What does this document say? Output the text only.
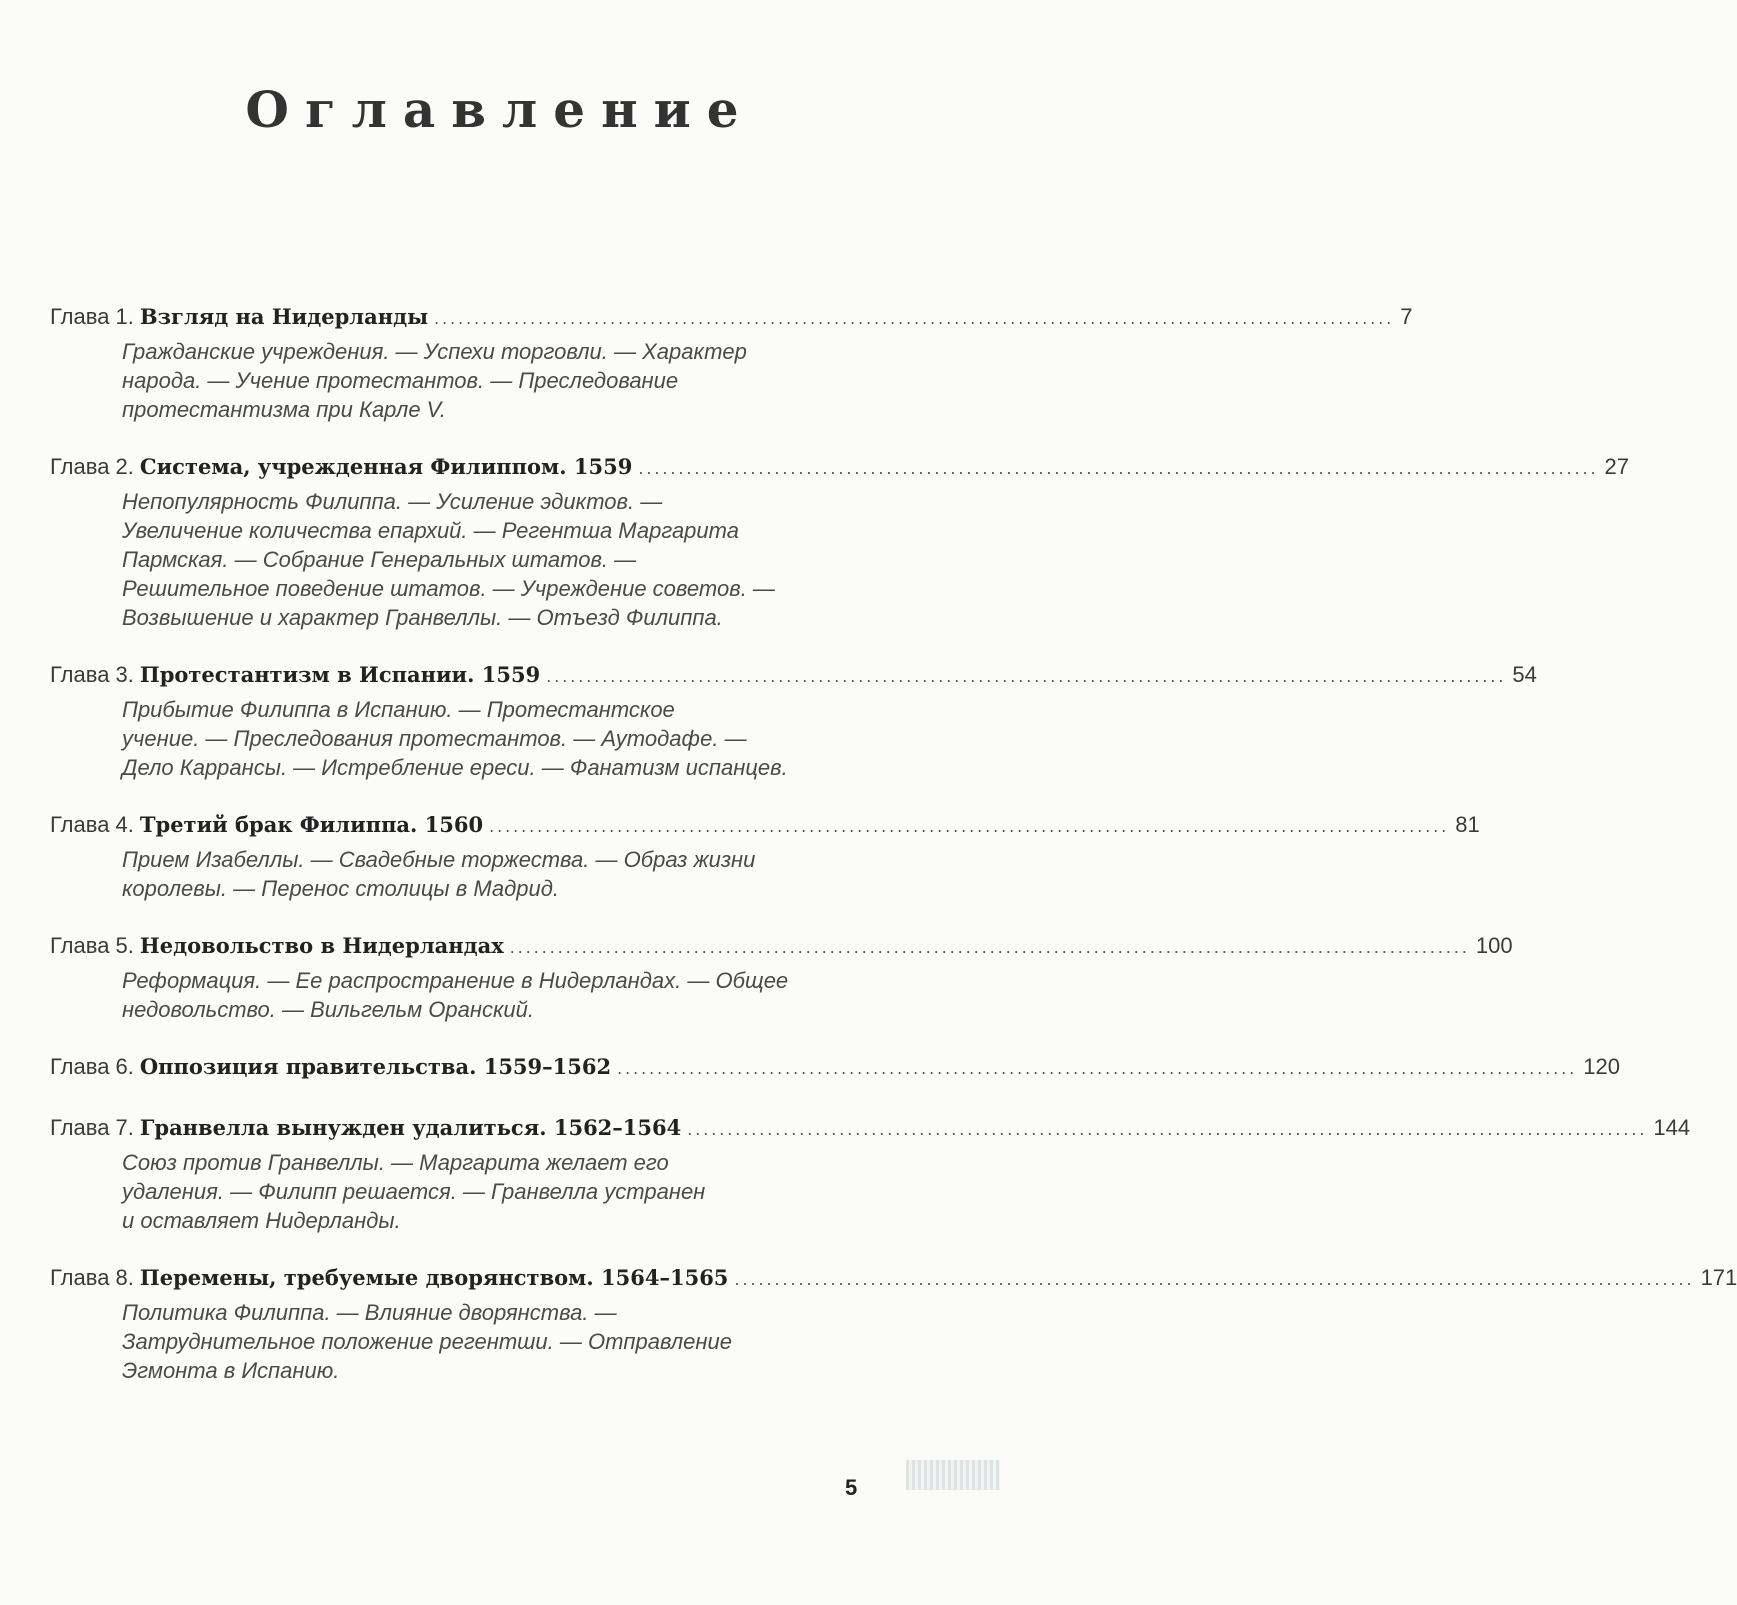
Оглавление
Глава 1. Взгляд на Нидерланды ........................................................................................................................ 7
Гражданские учреждения. — Успехи торговли. — Характер
народа. — Учение протестантов. — Преследование
протестантизма при Карле V.
Глава 2. Система, учрежденная Филиппом. 1559 ........................................................................................................................ 27
Непопулярность Филиппа. — Усиление эдиктов. —
Увеличение количества епархий. — Регентша Маргарита
Пармская. — Собрание Генеральных штатов. —
Решительное поведение штатов. — Учреждение советов. —
Возвышение и характер Гранвеллы. — Отъезд Филиппа.
Глава 3. Протестантизм в Испании. 1559 ........................................................................................................................ 54
Прибытие Филиппа в Испанию. — Протестантское
учение. — Преследования протестантов. — Аутодафе. —
Дело Каррансы. — Истребление ереси. — Фанатизм испанцев.
Глава 4. Третий брак Филиппа. 1560 ........................................................................................................................ 81
Прием Изабеллы. — Свадебные торжества. — Образ жизни
королевы. — Перенос столицы в Мадрид.
Глава 5. Недовольство в Нидерландах ........................................................................................................................ 100
Реформация. — Ее распространение в Нидерландах. — Общее
недовольство. — Вильгельм Оранский.
Глава 6. Оппозиция правительства. 1559–1562 ........................................................................................................................ 120
Глава 7. Гранвелла вынужден удалиться. 1562–1564 ........................................................................................................................ 144
Союз против Гранвеллы. — Маргарита желает его
удаления. — Филипп решается. — Гранвелла устранен
и оставляет Нидерланды.
Глава 8. Перемены, требуемые дворянством. 1564–1565 ........................................................................................................................ 171
Политика Филиппа. — Влияние дворянства. —
Затруднительное положение регентши. — Отправление
Эгмонта в Испанию.
5
